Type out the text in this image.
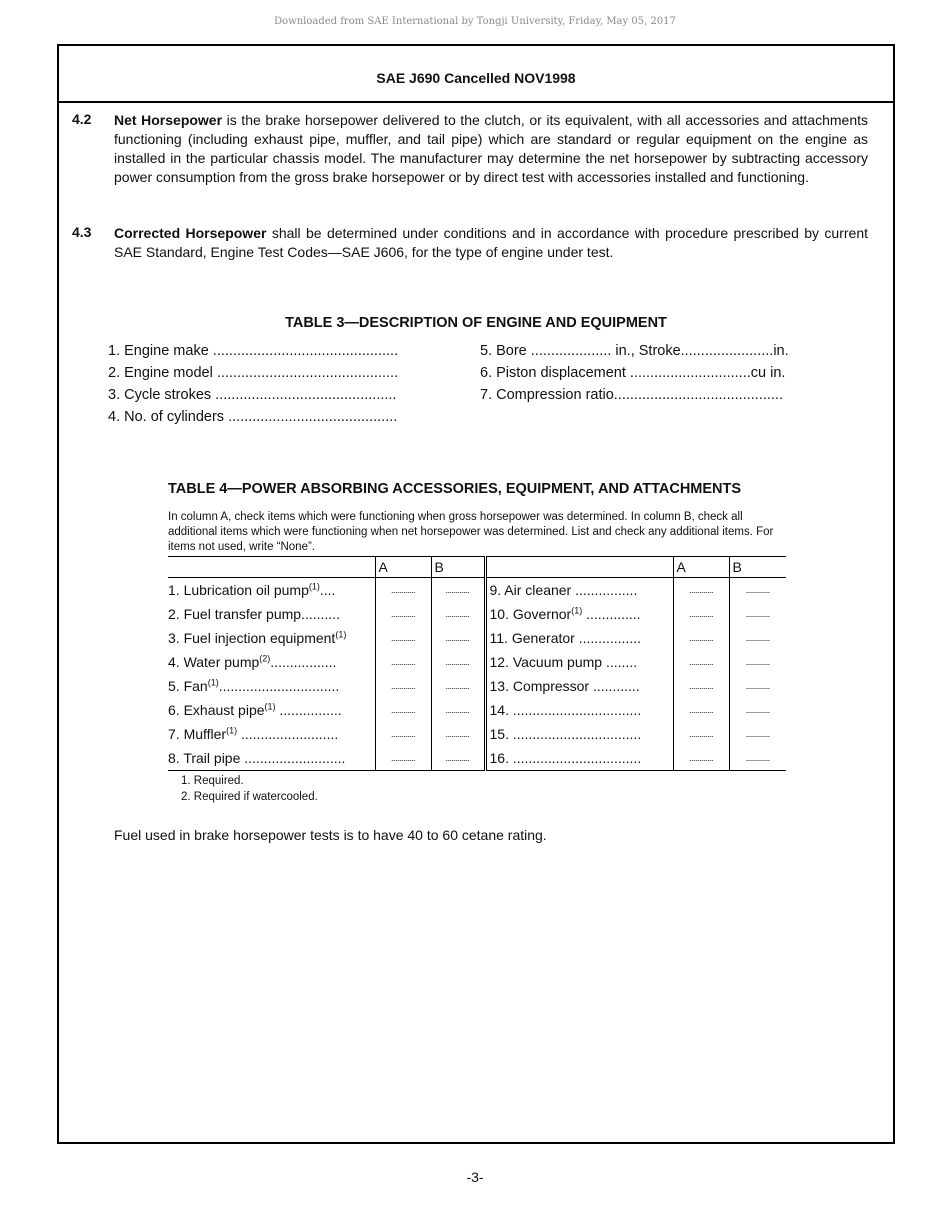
Downloaded from SAE International by Tongji University, Friday, May 05, 2017
SAE J690 Cancelled NOV1998
4.2 Net Horsepower is the brake horsepower delivered to the clutch, or its equivalent, with all accessories and attachments functioning (including exhaust pipe, muffler, and tail pipe) which are standard or regular equipment on the engine as installed in the particular chassis model. The manufacturer may determine the net horsepower by subtracting accessory power consumption from the gross brake horsepower or by direct test with accessories installed and functioning.
4.3 Corrected Horsepower shall be determined under conditions and in accordance with procedure prescribed by current SAE Standard, Engine Test Codes—SAE J606, for the type of engine under test.
TABLE 3—DESCRIPTION OF ENGINE AND EQUIPMENT
1. Engine make ..............................................
2. Engine model .............................................
3. Cycle strokes .............................................
4. No. of cylinders ..........................................
5. Bore .................... in., Stroke.......................in.
6. Piston displacement ..............................cu in.
7. Compression ratio..........................................
TABLE 4—POWER ABSORBING ACCESSORIES, EQUIPMENT, AND ATTACHMENTS
In column A, check items which were functioning when gross horsepower was determined. In column B, check all additional items which were functioning when net horsepower was determined. List and check any additional items. For items not used, write “None”.
	A	B		A	B
1. Lubrication oil pump$^{(1)}$....	............	............	9. Air cleaner ................	............	............
2. Fuel transfer pump..........	............	............	10. Governor$^{(1)}$ ..............	............	............
3. Fuel injection equipment$^{(1)}$	............	............	11. Generator ................	............	............
4. Water pump$^{(2)}$.................	............	............	12. Vacuum pump ........	............	............
5. Fan$^{(1)}$...............................	............	............	13. Compressor ............	............	............
6. Exhaust pipe$^{(1)}$ ................	............	............	14. .................................	............	............
7. Muffler$^{(1)}$ .........................	............	............	15. .................................	............	............
8. Trail pipe ..........................	............	............	16. .................................	............	............
1. Required.
2. Required if watercooled.
Fuel used in brake horsepower tests is to have 40 to 60 cetane rating.
-3-
